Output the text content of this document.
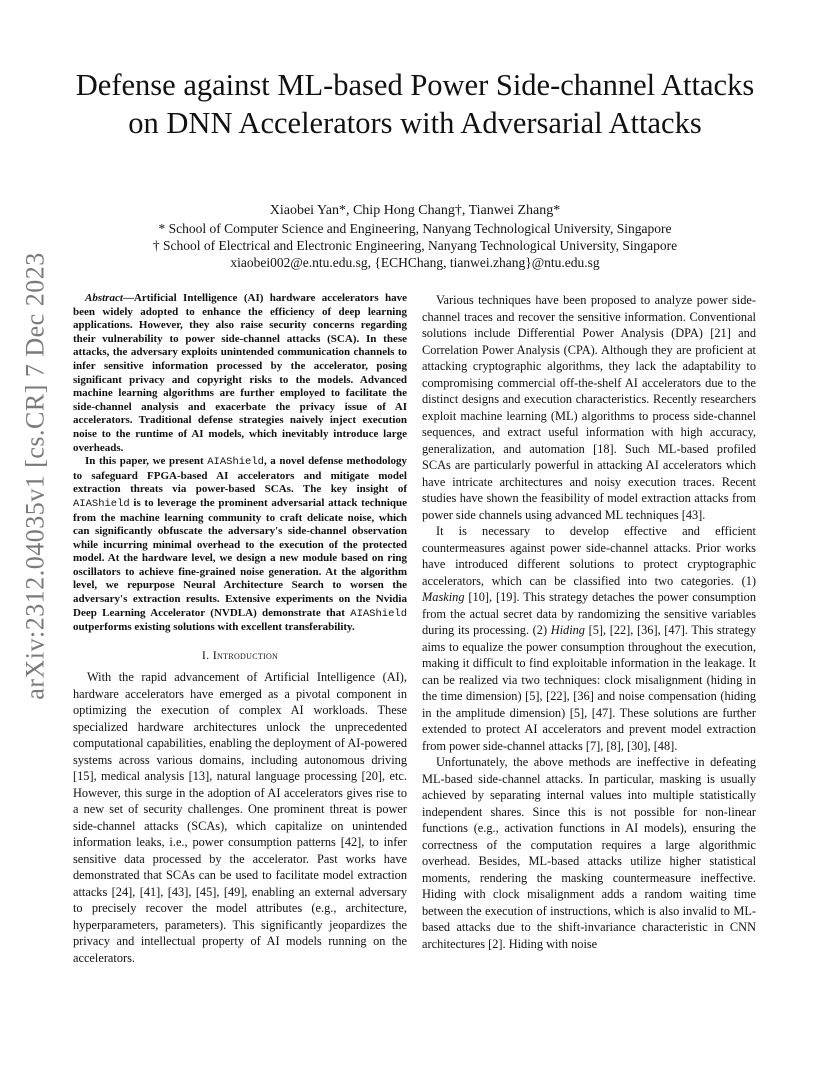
arXiv:2312.04035v1 [cs.CR] 7 Dec 2023
Defense against ML-based Power Side-channel Attacks on DNN Accelerators with Adversarial Attacks
Xiaobei Yan*, Chip Hong Chang†, Tianwei Zhang*
* School of Computer Science and Engineering, Nanyang Technological University, Singapore
† School of Electrical and Electronic Engineering, Nanyang Technological University, Singapore
xiaobei002@e.ntu.edu.sg, {ECHChang, tianwei.zhang}@ntu.edu.sg

Abstract—Artificial Intelligence (AI) hardware accelerators have been widely adopted to enhance the efficiency of deep learning applications. However, they also raise security concerns regarding their vulnerability to power side-channel attacks (SCA). In these attacks, the adversary exploits unintended communication channels to infer sensitive information processed by the accelerator, posing significant privacy and copyright risks to the models. Advanced machine learning algorithms are further employed to facilitate the side-channel analysis and exacerbate the privacy issue of AI accelerators. Traditional defense strategies naively inject execution noise to the runtime of AI models, which inevitably introduce large overheads.

In this paper, we present AIAShield, a novel defense methodology to safeguard FPGA-based AI accelerators and mitigate model extraction threats via power-based SCAs. The key insight of AIAShield is to leverage the prominent adversarial attack technique from the machine learning community to craft delicate noise, which can significantly obfuscate the adversary's side-channel observation while incurring minimal overhead to the execution of the protected model. At the hardware level, we design a new module based on ring oscillators to achieve fine-grained noise generation. At the algorithm level, we repurpose Neural Architecture Search to worsen the adversary's extraction results. Extensive experiments on the Nvidia Deep Learning Accelerator (NVDLA) demonstrate that AIAShield outperforms existing solutions with excellent transferability.

I. Introduction

With the rapid advancement of Artificial Intelligence (AI), hardware accelerators have emerged as a pivotal component in optimizing the execution of complex AI workloads. These specialized hardware architectures unlock the unprecedented computational capabilities, enabling the deployment of AI-powered systems across various domains, including autonomous driving [15], medical analysis [13], natural language processing [20], etc. However, this surge in the adoption of AI accelerators gives rise to a new set of security challenges. One prominent threat is power side-channel attacks (SCAs), which capitalize on unintended information leaks, i.e., power consumption patterns [42], to infer sensitive data processed by the accelerator. Past works have demonstrated that SCAs can be used to facilitate model extraction attacks [24], [41], [43], [45], [49], enabling an external adversary to precisely recover the model attributes (e.g., architecture, hyperparameters, parameters). This significantly jeopardizes the privacy and intellectual property of AI models running on the accelerators.

Various techniques have been proposed to analyze power side-channel traces and recover the sensitive information. Conventional solutions include Differential Power Analysis (DPA) [21] and Correlation Power Analysis (CPA). Although they are proficient at attacking cryptographic algorithms, they lack the adaptability to compromising commercial off-the-shelf AI accelerators due to the distinct designs and execution characteristics. Recently researchers exploit machine learning (ML) algorithms to process side-channel sequences, and extract useful information with high accuracy, generalization, and automation [18]. Such ML-based profiled SCAs are particularly powerful in attacking AI accelerators which have intricate architectures and noisy execution traces. Recent studies have shown the feasibility of model extraction attacks from power side channels using advanced ML techniques [43].

It is necessary to develop effective and efficient countermeasures against power side-channel attacks. Prior works have introduced different solutions to protect cryptographic accelerators, which can be classified into two categories. (1) Masking [10], [19]. This strategy detaches the power consumption from the actual secret data by randomizing the sensitive variables during its processing. (2) Hiding [5], [22], [36], [47]. This strategy aims to equalize the power consumption throughout the execution, making it difficult to find exploitable information in the leakage. It can be realized via two techniques: clock misalignment (hiding in the time dimension) [5], [22], [36] and noise compensation (hiding in the amplitude dimension) [5], [47]. These solutions are further extended to protect AI accelerators and prevent model extraction from power side-channel attacks [7], [8], [30], [48].

Unfortunately, the above methods are ineffective in defeating ML-based side-channel attacks. In particular, masking is usually achieved by separating internal values into multiple statistically independent shares. Since this is not possible for non-linear functions (e.g., activation functions in AI models), ensuring the correctness of the computation requires a large algorithmic overhead. Besides, ML-based attacks utilize higher statistical moments, rendering the masking countermeasure ineffective. Hiding with clock misalignment adds a random waiting time between the execution of instructions, which is also invalid to ML-based attacks due to the shift-invariance characteristic in CNN architectures [2]. Hiding with noise
